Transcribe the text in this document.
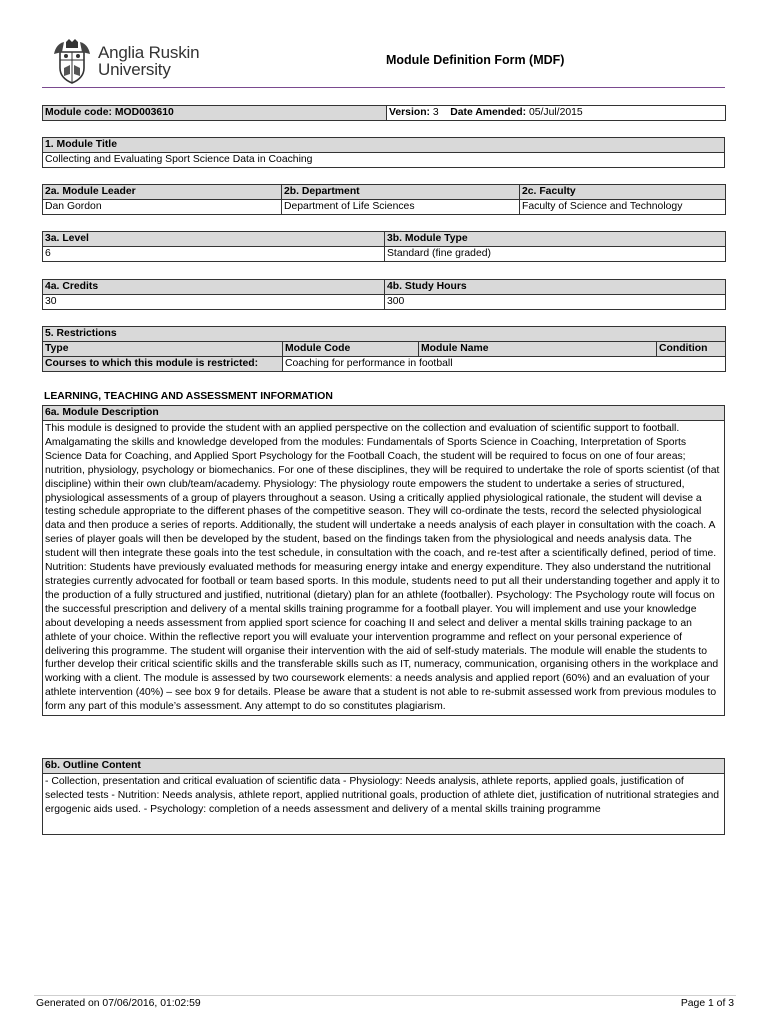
Anglia Ruskin
University	Module Definition Form (MDF)
Module code: MOD003610	Version: 3 Date Amended: 05/Jul/2015
1. Module Title
Collecting and Evaluating Sport Science Data in Coaching
2a. Module Leader	2b. Department	2c. Faculty
Dan Gordon	Department of Life Sciences	Faculty of Science and Technology
3a. Level	3b. Module Type
6	Standard (fine graded)
4a. Credits	4b. Study Hours
30	300
5. Restrictions			
Type	Module Code	Module Name	Condition
Courses to which this module is restricted:	Coaching for performance in football		
LEARNING, TEACHING AND ASSESSMENT INFORMATION
6a. Module Description
This module is designed to provide the student with an applied perspective on the collection and evaluation of scientific support to football. Amalgamating the skills and knowledge developed from the modules: Fundamentals of Sports Science in Coaching, Interpretation of Sports Science Data for Coaching, and Applied Sport Psychology for the Football Coach, the student will be required to focus on one of four areas; nutrition, physiology, psychology or biomechanics. For one of these disciplines, they will be required to undertake the role of sports scientist (of that discipline) within their own club/team/academy. Physiology: The physiology route empowers the student to undertake a series of structured, physiological assessments of a group of players throughout a season. Using a critically applied physiological rationale, the student will devise a testing schedule appropriate to the different phases of the competitive season. They will co-ordinate the tests, record the selected physiological data and then produce a series of reports. Additionally, the student will undertake a needs analysis of each player in consultation with the coach. A series of player goals will then be developed by the student, based on the findings taken from the physiological and needs analysis data. The student will then integrate these goals into the test schedule, in consultation with the coach, and re-test after a scientifically defined, period of time. Nutrition: Students have previously evaluated methods for measuring energy intake and energy expenditure. They also understand the nutritional strategies currently advocated for football or team based sports. In this module, students need to put all their understanding together and apply it to the production of a fully structured and justified, nutritional (dietary) plan for an athlete (footballer). Psychology: The Psychology route will focus on the successful prescription and delivery of a mental skills training programme for a football player. You will implement and use your knowledge about developing a needs assessment from applied sport science for coaching II and select and deliver a mental skills training package to an athlete of your choice. Within the reflective report you will evaluate your intervention programme and reflect on your personal experience of delivering this programme. The student will organise their intervention with the aid of self-study materials. The module will enable the students to further develop their critical scientific skills and the transferable skills such as IT, numeracy, communication, organising others in the workplace and working with a client. The module is assessed by two coursework elements: a needs analysis and applied report (60%) and an evaluation of your athlete intervention (40%) – see box 9 for details. Please be aware that a student is not able to re-submit assessed work from previous modules to form any part of this module’s assessment. Any attempt to do so constitutes plagiarism.
6b. Outline Content
- Collection, presentation and critical evaluation of scientific data - Physiology: Needs analysis, athlete reports, applied goals, justification of selected tests - Nutrition: Needs analysis, athlete report, applied nutritional goals, production of athlete diet, justification of nutritional strategies and ergogenic aids used. - Psychology: completion of a needs assessment and delivery of a mental skills training programme
Generated on 07/06/2016, 01:02:59	Page 1 of 3
